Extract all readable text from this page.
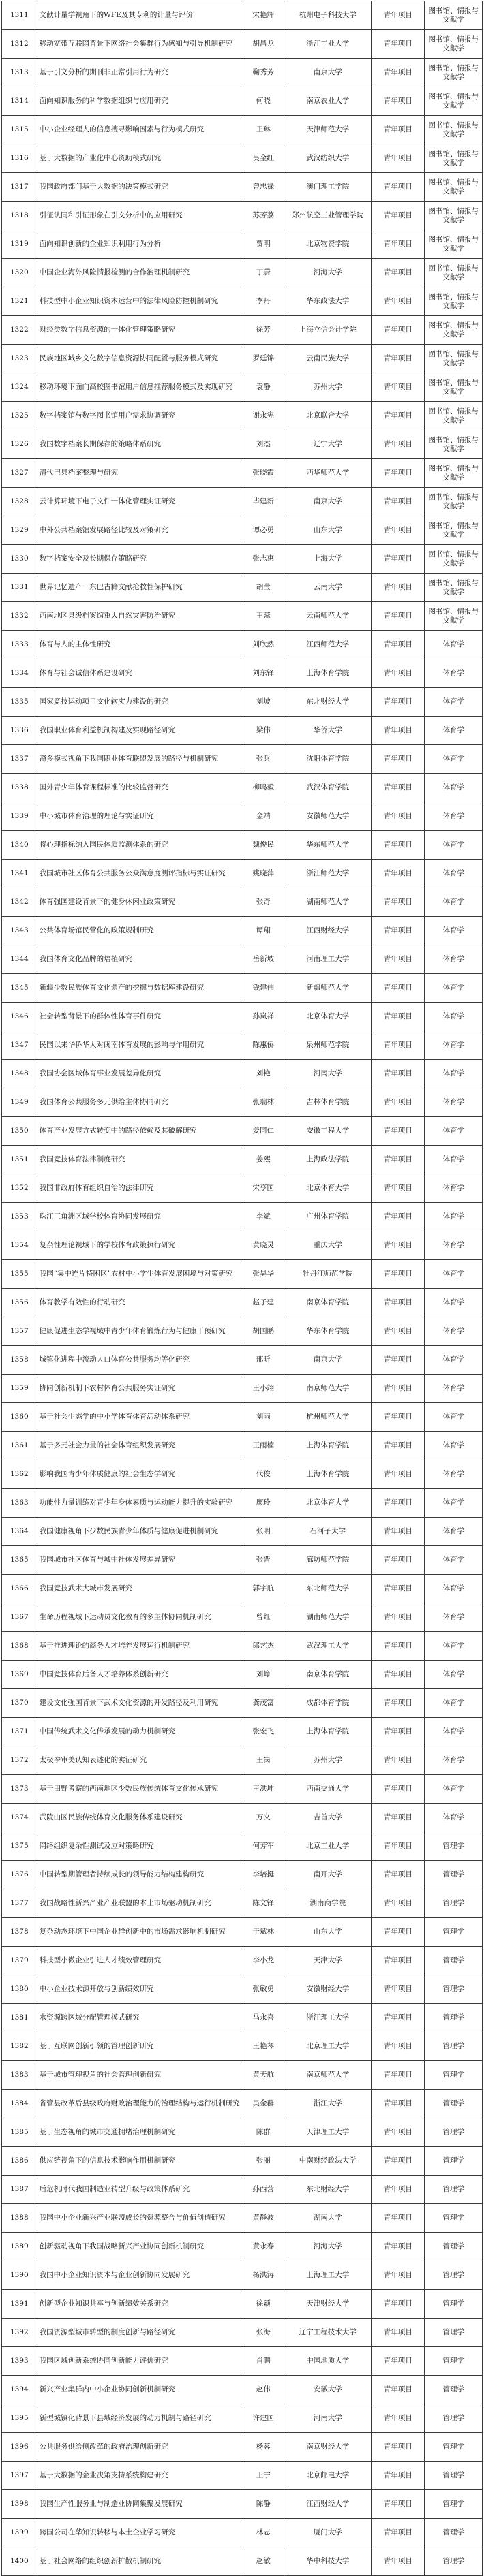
1311	文献计量学视角下的WFE及其专利的计量与评价	宋艳辉	杭州电子科技大学	青年项目	图书馆、情报与文献学
1312	移动宽带互联网背景下网络社会集群行为感知与引导机制研究	胡昌龙	浙江工业大学	青年项目	图书馆、情报与文献学
1313	基于引文分析的期刊非正常引用行为研究	鞠秀芳	南京大学	青年项目	图书馆、情报与文献学
1314	面向知识服务的科学数据组织与应用研究	何晓	南京农业大学	青年项目	图书馆、情报与文献学
1315	中小企业经理人的信息搜寻影响因素与行为模式研究	王琳	天津师范大学	青年项目	图书馆、情报与文献学
1316	基于大数据的产业化中心资助模式研究	吴金红	武汉纺织大学	青年项目	图书馆、情报与文献学
1317	我国政府部门基于大数据的决策模式研究	曾忠禄	澳门理工学院	青年项目	图书馆、情报与文献学
1318	引征认同和引证形象在引文分析中的应用研究	苏芳荔	郑州航空工业管理学院	青年项目	图书馆、情报与文献学
1319	面向知识创新的企业知识利用行为分析	贾明	北京物资学院	青年项目	图书馆、情报与文献学
1320	中国企业海外风险情报检测的合作治理机制研究	丁蔚	河海大学	青年项目	图书馆、情报与文献学
1321	科技型中小企业知识资本运营中的法律风险防控机制研究	李丹	华东政法大学	青年项目	图书馆、情报与文献学
1322	财经类数字信息资源的一体化管理策略研究	徐芳	上海立信会计学院	青年项目	图书馆、情报与文献学
1323	民族地区城乡文化数字信息资源协同配置与服务模式研究	罗廷锦	云南民族大学	青年项目	图书馆、情报与文献学
1324	移动环境下面向高校图书馆用户信息推荐服务模式及实现研究	袁静	苏州大学	青年项目	图书馆、情报与文献学
1325	数字档案馆与数字图书馆用户需求协调研究	谢永宪	北京联合大学	青年项目	图书馆、情报与文献学
1326	我国数字档案长期保存的策略体系研究	刘杰	辽宁大学	青年项目	图书馆、情报与文献学
1327	清代巴县档案整理与研究	张晓霞	西华师范大学	青年项目	图书馆、情报与文献学
1328	云计算环境下电子文件一体化管理实证研究	毕建新	南京大学	青年项目	图书馆、情报与文献学
1329	中外公共档案馆发展路径比较及对策研究	谭必勇	山东大学	青年项目	图书馆、情报与文献学
1330	数字档案安全及长期保存策略研究	张志惠	上海大学	青年项目	图书馆、情报与文献学
1331	世界记忆遗产一东巴古籍文献抢救性保护研究	胡莹	云南大学	青年项目	图书馆、情报与文献学
1332	西南地区县级档案馆重大自然灾害防治研究	王蕊	云南师范大学	青年项目	图书馆、情报与文献学
1333	体育与人的主体性研究	刘欣然	江西师范大学	青年项目	体育学
1334	体育与社会诚信体系建设研究	刘东锋	上海体育学院	青年项目	体育学
1335	国家竞技运动项目文化软实力建设的研究	刘坡	东北财经大学	青年项目	体育学
1336	我国职业体育利益机制构建及实现路径研究	梁伟	华侨大学	青年项目	体育学
1337	裔多模式视角下我国职业体育联盟发展的路径与机制研究	张兵	沈阳体育学院	青年项目	体育学
1338	国外青少年体育课程标准的比较监督研究	柳鸣毅	武汉体育学院	青年项目	体育学
1339	中小城市体育治理的理论与实证研究	金靖	安徽师范大学	青年项目	体育学
1340	将心理指标纳入国民体质监测体系的研究	魏俊民	华东师范大学	青年项目	体育学
1341	我国城市社区体育公共服务公众满意度测评指标与实证研究	姚晓萍	浙江师范大学	青年项目	体育学
1342	体育强国建设背景下的健身休闲业政策研究	张奇	湖南师范大学	青年项目	体育学
1343	公共体育场馆民营化的政策规制研究	谭翔	江西财经大学	青年项目	体育学
1344	我国体育文化品牌的培植研究	岳新坡	河南理工大学	青年项目	体育学
1345	新疆少数民族体育文化遗产的挖掘与数据库建设研究	钱建伟	新疆师范大学	青年项目	体育学
1346	社会转型背景下的群体性体育事件研究	孙岚祥	北京体育大学	青年项目	体育学
1347	民国以来华侨华人对闽南体育发展的影响与作用研究	陈惠侨	泉州师范学院	青年项目	体育学
1348	我国协会区域体育事业发展差异化研究	刘艳	河南大学	青年项目	体育学
1349	我国体育公共服务多元供给主体协同研究	张瑞林	吉林体育学院	青年项目	体育学
1350	体育产业发展方式转变中的路径依赖及其破解研究	姜同仁	安徽工程大学	青年项目	体育学
1351	我国竞技体育法律制度研究	姜熙	上海政法学院	青年项目	体育学
1352	我国非政府体育组织自治的法律研究	宋亨国	北京体育大学	青年项目	体育学
1353	珠江三角洲区域学校体育协同发展研究	李斌	广州体育学院	青年项目	体育学
1354	复杂性理论视域下的学校体育政策执行研究	黄晓灵	重庆大学	青年项目	体育学
1355	我国“集中连片特困区”农村中小学生体育发展困境与对策研究	张昊华	牡丹江师范学院	青年项目	体育学
1356	体育教学有效性的行动研究	赵子建	南京体育学院	青年项目	体育学
1357	健康促进生态学视域中青少年体育锻炼行为与健康干预研究	胡国鹏	华东体育学院	青年项目	体育学
1358	城镇化进程中流动人口体育公共服务均等化研究	邢昕	南京大学	青年项目	体育学
1359	协同创新机制下农村体育公共服务实证研究	王小翊	南京师范大学	青年项目	体育学
1360	基于社会生态学的中小学体育体育活动体系研究	刘雨	杭州师范大学	青年项目	体育学
1361	基于多元社会力量的社会体育组织发展研究	王雨楠	上海体育学院	青年项目	体育学
1362	影响我国青少年体质健康的社会生态学研究	代俊	上海体育学院	青年项目	体育学
1363	功能性力量训练对青少年身体素质与运动能力提升的实验研究	廖玲	北京体育大学	青年项目	体育学
1364	我国健康视角下少数民族青少年体质与健康促进机制研究	张明	石河子大学	青年项目	体育学
1365	我国城市社区体育与城中社体发展差异研究	张晋	廊坊师范学院	青年项目	体育学
1366	我国竞技武术大城市发展研究	郭宇航	东北师范大学	青年项目	体育学
1367	生命历程视域下运动员文化教育的多主体协同机制研究	曾红	湖南师范大学	青年项目	体育学
1368	基于推进理论的商务人才培养发展运行机制研究	郎艺杰	武汉理工大学	青年项目	体育学
1369	中国竞技体育后备人才培养体系创新研究	刘峥	南京体育学院	青年项目	体育学
1370	建设文化强国背景下武术文化资源的开发路径及利用研究	龚茂富	成都体育学院	青年项目	体育学
1371	中国传统武术文化传承发展的动力机制研究	张宏飞	上海体育学院	青年项目	体育学
1372	太极拳审美认知表述化的实证研究	王岗	苏州大学	青年项目	体育学
1373	基于田野考察的西南地区少数民族传统体育文化传承研究	王洪坤	西南交通大学	青年项目	体育学
1374	武陵山区民族传统体育文化服务体系建设研究	万义	吉首大学	青年项目	体育学
1375	网络组织复杂性测试及应对策略研究	何芳军	北京工业大学	青年项目	管理学
1376	中国转型期管理者持续成长的领导能力结构建构研究	李培挺	南开大学	青年项目	管理学
1377	我国战略性新兴产业产业联盟的本土市场驱动机制研究	陈文锋	湖南商学院	青年项目	管理学
1378	复杂动态环境下中国企业群创新中的市场需求影响机制研究	于斌林	山东大学	青年项目	管理学
1379	科技型小微企业引进人才绩效管理研究	李小龙	天津大学	青年项目	管理学
1380	中小企业技术源开放与创新绩效研究	张敏勇	安徽财经大学	青年项目	管理学
1381	水资源跨区域分配管理模式研究	马永喜	浙江理工大学	青年项目	管理学
1382	基于互联网创新引领的管理创新研究	王艳琴	北京理工大学	青年项目	管理学
1383	基于城市管理视角的社会管理创新研究	黄天航	南京师范大学	青年项目	管理学
1384	省管县改革后县级政府财政治理能力的治理结构与运行机制研究	吴金群	浙江大学	青年项目	管理学
1385	基于生态视角的城市交通拥堵治理机制研究	陈群	天津理工大学	青年项目	管理学
1386	供应链视角下的信息技术影响作用机制研究	张丽	中南财经政法大学	青年项目	管理学
1387	后危机时代我国制造业转型升级与政策体系研究	孙西营	东北财经大学	青年项目	管理学
1388	我国中小企业新兴产业联盟成长的资源整合与价值创造研究	黄静波	湖南大学	青年项目	管理学
1389	创新驱动视角下我国战略新兴产业协同创新机制研究	黄永春	河海大学	青年项目	管理学
1390	我国中小企业知识资本与企业创新协同发展研究	杨洪涛	上海理工大学	青年项目	管理学
1391	创新型企业知识共享与创新绩效关系研究	徐颖	天津财经大学	青年项目	管理学
1392	我国资源型城市转型的制度创新与路径研究	张海	辽宁工程技术大学	青年项目	管理学
1393	我国区域创新系统协同创新能力评价研究	肖鹏	中国地质大学	青年项目	管理学
1394	新兴产业集群内中小企业协同创新机制研究	赵伟	安徽大学	青年项目	管理学
1395	新型城镇化背景下县域经济发展的动力机制与路径研究	许建国	河南大学	青年项目	管理学
1396	公共服务供给侧改革的政府治理创新研究	杨蓉	南京财经大学	青年项目	管理学
1397	基于大数据的企业决策支持系统构建研究	王宁	北京邮电大学	青年项目	管理学
1398	我国生产性服务业与制造业协同集聚发展研究	陈静	江西财经大学	青年项目	管理学
1399	跨国公司在华知识转移与本土企业学习研究	林志	厦门大学	青年项目	管理学
1400	基于社会网络的组织创新扩散机制研究	赵敏	华中科技大学	青年项目	管理学
